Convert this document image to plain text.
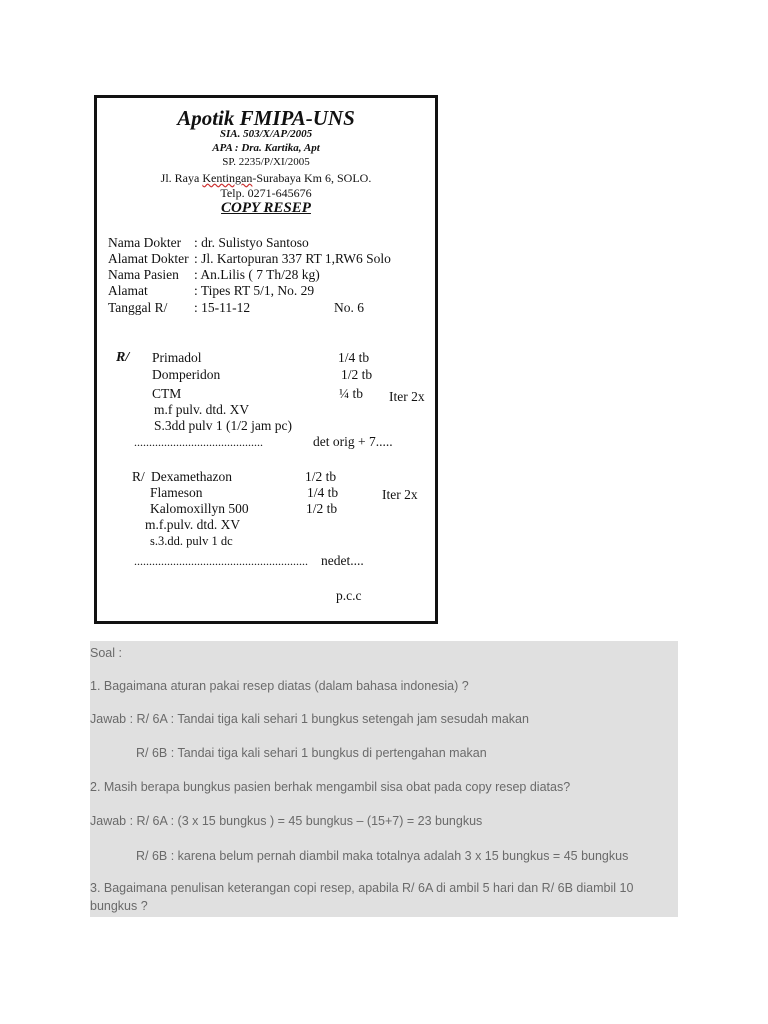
Apotik FMIPA-UNS
SIA. 503/X/AP/2005
APA : Dra. Kartika, Apt
SP. 2235/P/XI/2005
Jl. Raya Kentingan-Surabaya Km 6, SOLO.
Telp. 0271-645676
COPY RESEP
Nama Dokter : dr. Sulistyo Santoso
Alamat Dokter : Jl. Kartopuran 337 RT 1,RW6 Solo
Nama Pasien : An.Lilis ( 7 Th/28 kg)
Alamat	: Tipes RT 5/1, No. 29
Tanggal R/ : 15-11-12	No. 6
R/ Primadol	1/4 tb
Domperidon	1/2 tb
CTM	¼ tb Iter 2x
m.f pulv. dtd. XV
S.3dd pulv 1 (1/2 jam pc)
...........................................	det orig + 7.....
R/ Dexamethazon	1/2 tb
Flameson	1/4 tb	Iter 2x
Kalomoxillyn 500	1/2 tb
m.f.pulv. dtd. XV
s.3.dd. pulv 1 dc
.......................................................... nedet....
p.c.c

Soal :

1. Bagaimana aturan pakai resep diatas (dalam bahasa indonesia) ?

Jawab : R/ 6A : Tandai tiga kali sehari 1 bungkus setengah jam sesudah makan

R/ 6B : Tandai tiga kali sehari 1 bungkus di pertengahan makan

2. Masih berapa bungkus pasien berhak mengambil sisa obat pada copy resep diatas?

Jawab : R/ 6A : (3 x 15 bungkus ) = 45 bungkus – (15+7) = 23 bungkus

R/ 6B : karena belum pernah diambil maka totalnya adalah 3 x 15 bungkus = 45 bungkus

3. Bagaimana penulisan keterangan copi resep, apabila R/ 6A di ambil 5 hari dan R/ 6B diambil 10 bungkus ?
